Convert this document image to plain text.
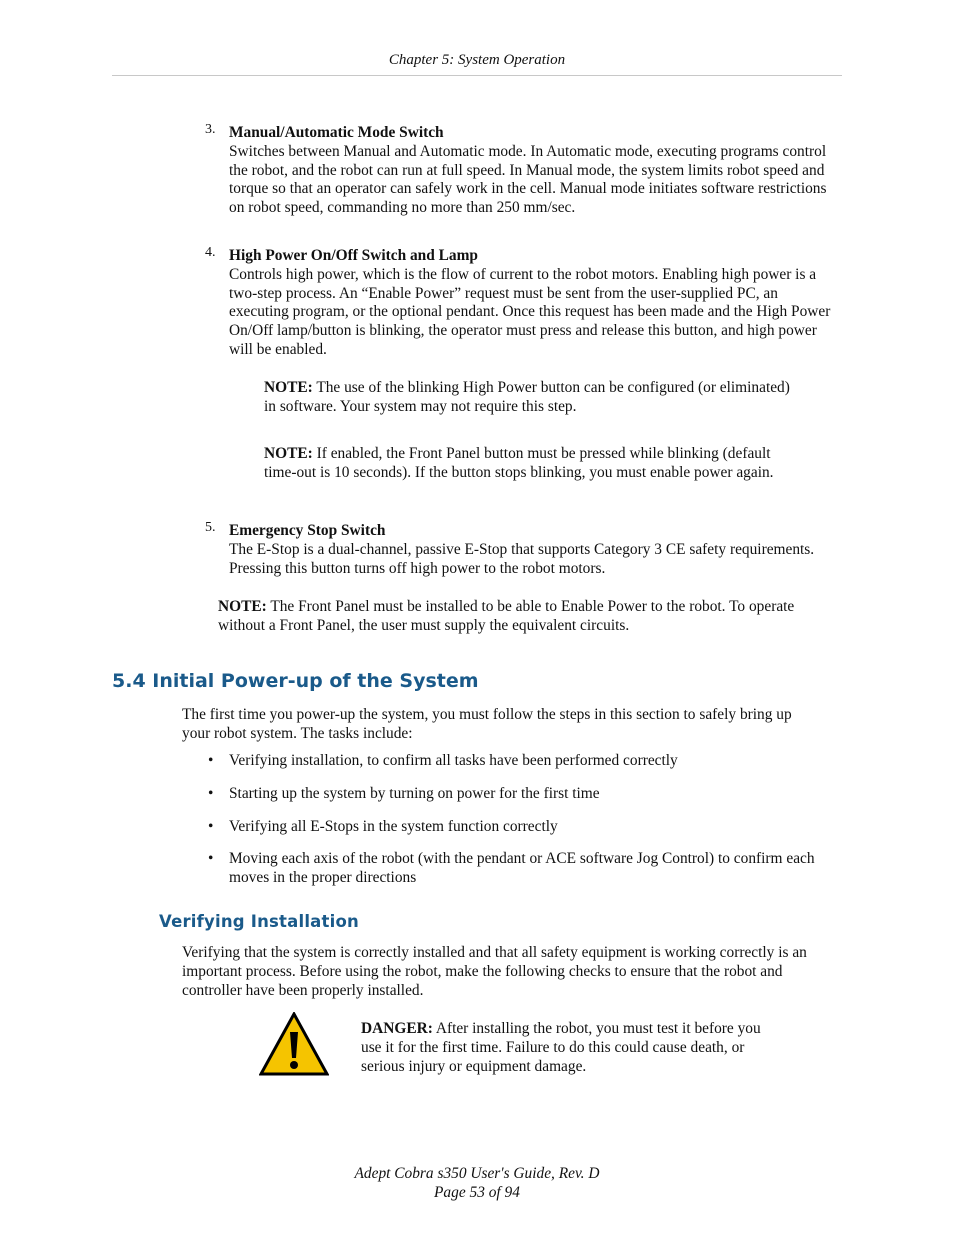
Chapter 5: System Operation
3. Manual/Automatic Mode Switch
Switches between Manual and Automatic mode. In Automatic mode, executing programs control the robot, and the robot can run at full speed. In Manual mode, the system limits robot speed and torque so that an operator can safely work in the cell. Manual mode initiates software restrictions on robot speed, commanding no more than 250 mm/sec.
4. High Power On/Off Switch and Lamp
Controls high power, which is the flow of current to the robot motors. Enabling high power is a two-step process. An “Enable Power” request must be sent from the user-supplied PC, an executing program, or the optional pendant. Once this request has been made and the High Power On/Off lamp/button is blinking, the operator must press and release this button, and high power will be enabled.
NOTE: The use of the blinking High Power button can be configured (or eliminated) in software. Your system may not require this step.
NOTE: If enabled, the Front Panel button must be pressed while blinking (default time-out is 10 seconds). If the button stops blinking, you must enable power again.
5. Emergency Stop Switch
The E-Stop is a dual-channel, passive E-Stop that supports Category 3 CE safety requirements. Pressing this button turns off high power to the robot motors.
NOTE: The Front Panel must be installed to be able to Enable Power to the robot. To operate without a Front Panel, the user must supply the equivalent circuits.
5.4 Initial Power-up of the System
The first time you power-up the system, you must follow the steps in this section to safely bring up your robot system. The tasks include:
• Verifying installation, to confirm all tasks have been performed correctly
• Starting up the system by turning on power for the first time
• Verifying all E-Stops in the system function correctly
• Moving each axis of the robot (with the pendant or ACE software Jog Control) to confirm each moves in the proper directions
Verifying Installation
Verifying that the system is correctly installed and that all safety equipment is working correctly is an important process. Before using the robot, make the following checks to ensure that the robot and controller have been properly installed.
DANGER: After installing the robot, you must test it before you use it for the first time. Failure to do this could cause death, or serious injury or equipment damage.
Adept Cobra s350 User's Guide, Rev. D
Page 53 of 94
